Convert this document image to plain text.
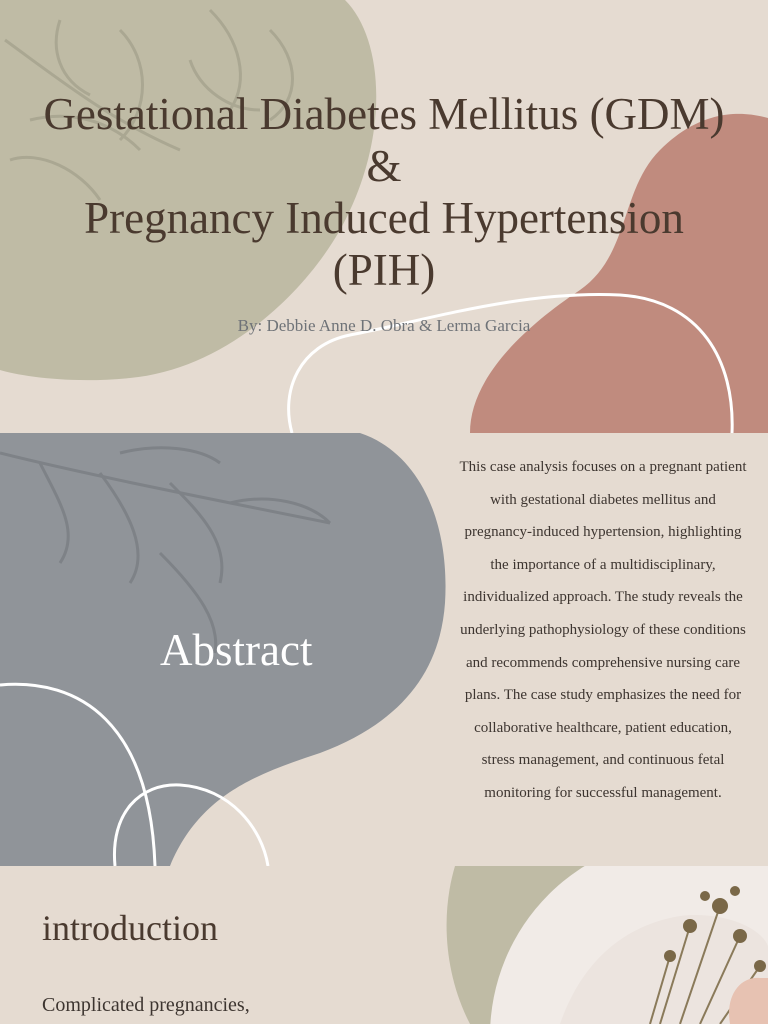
Gestational Diabetes Mellitus (GDM)
&
Pregnancy Induced Hypertension
(PIH)
By: Debbie Anne D. Obra & Lerma Garcia
Abstract
This case analysis focuses on a pregnant patient with gestational diabetes mellitus and pregnancy-induced hypertension, highlighting the importance of a multidisciplinary, individualized approach. The study reveals the underlying pathophysiology of these conditions and recommends comprehensive nursing care plans. The case study emphasizes the need for collaborative healthcare, patient education, stress management, and continuous fetal monitoring for successful management.
introduction
Complicated pregnancies,
